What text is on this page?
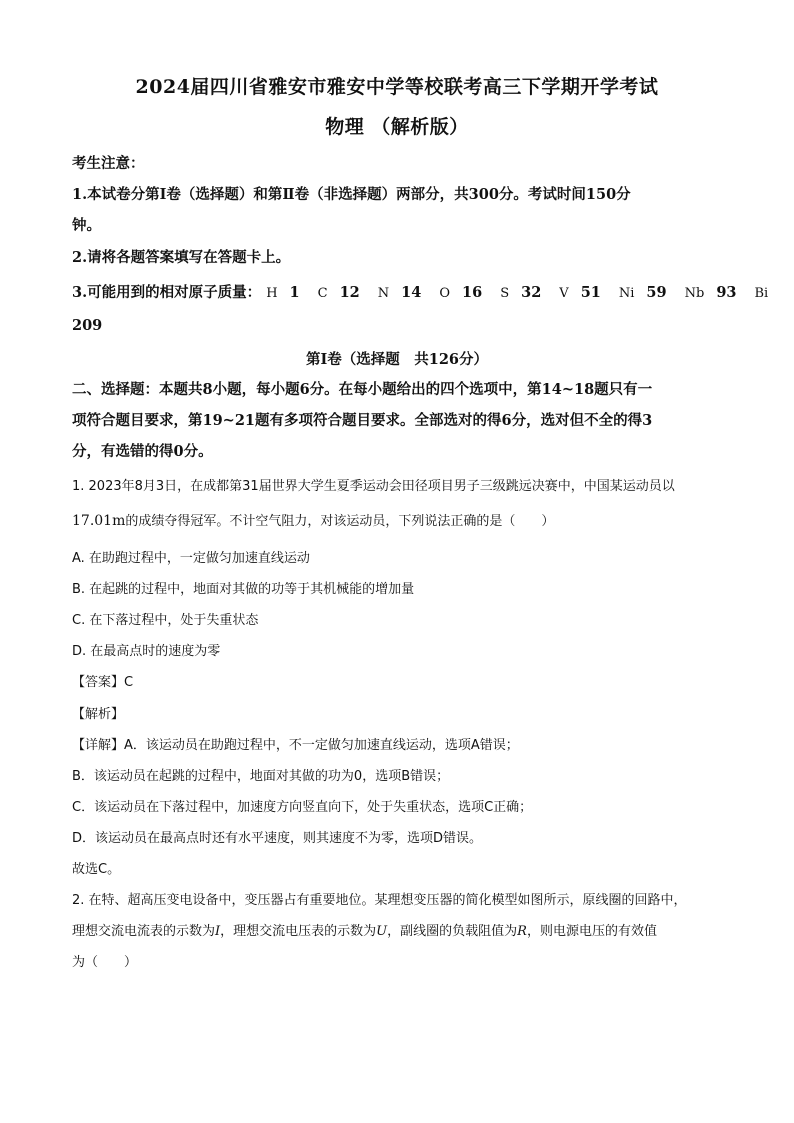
2024届四川省雅安市雅安中学等校联考高三下学期开学考试
物理 （解析版）
考生注意：
1.本试卷分第Ⅰ卷（选择题）和第Ⅱ卷（非选择题）两部分，共300分。考试时间150分
钟。
2.请将各题答案填写在答题卡上。
3.可能用到的相对原子质量： H 1 C 12 N 14 O 16 S 32 V 51 Ni 59 Nb 93 Bi
209
第Ⅰ卷（选择题　共126分）
二、选择题：本题共8小题，每小题6分。在每小题给出的四个选项中，第14~18题只有一
项符合题目要求，第19~21题有多项符合题目要求。全部选对的得6分，选对但不全的得3
分，有选错的得0分。
1. 2023年8月3日，在成都第31届世界大学生夏季运动会田径项目男子三级跳远决赛中，中国某运动员以
17.01m的成绩夺得冠军。不计空气阻力，对该运动员，下列说法正确的是（　　）
A. 在助跑过程中，一定做匀加速直线运动
B. 在起跳的过程中，地面对其做的功等于其机械能的增加量
C. 在下落过程中，处于失重状态
D. 在最高点时的速度为零
【答案】C
【解析】
【详解】A．该运动员在助跑过程中，不一定做匀加速直线运动，选项A错误；
B．该运动员在起跳的过程中，地面对其做的功为0，选项B错误；
C．该运动员在下落过程中，加速度方向竖直向下，处于失重状态，选项C正确；
D．该运动员在最高点时还有水平速度，则其速度不为零，选项D错误。
故选C。
2. 在特、超高压变电设备中，变压器占有重要地位。某理想变压器的简化模型如图所示，原线圈的回路中，
理想交流电流表的示数为I，理想交流电压表的示数为U，副线圈的负载阻值为R，则电源电压的有效值
为（　　）
